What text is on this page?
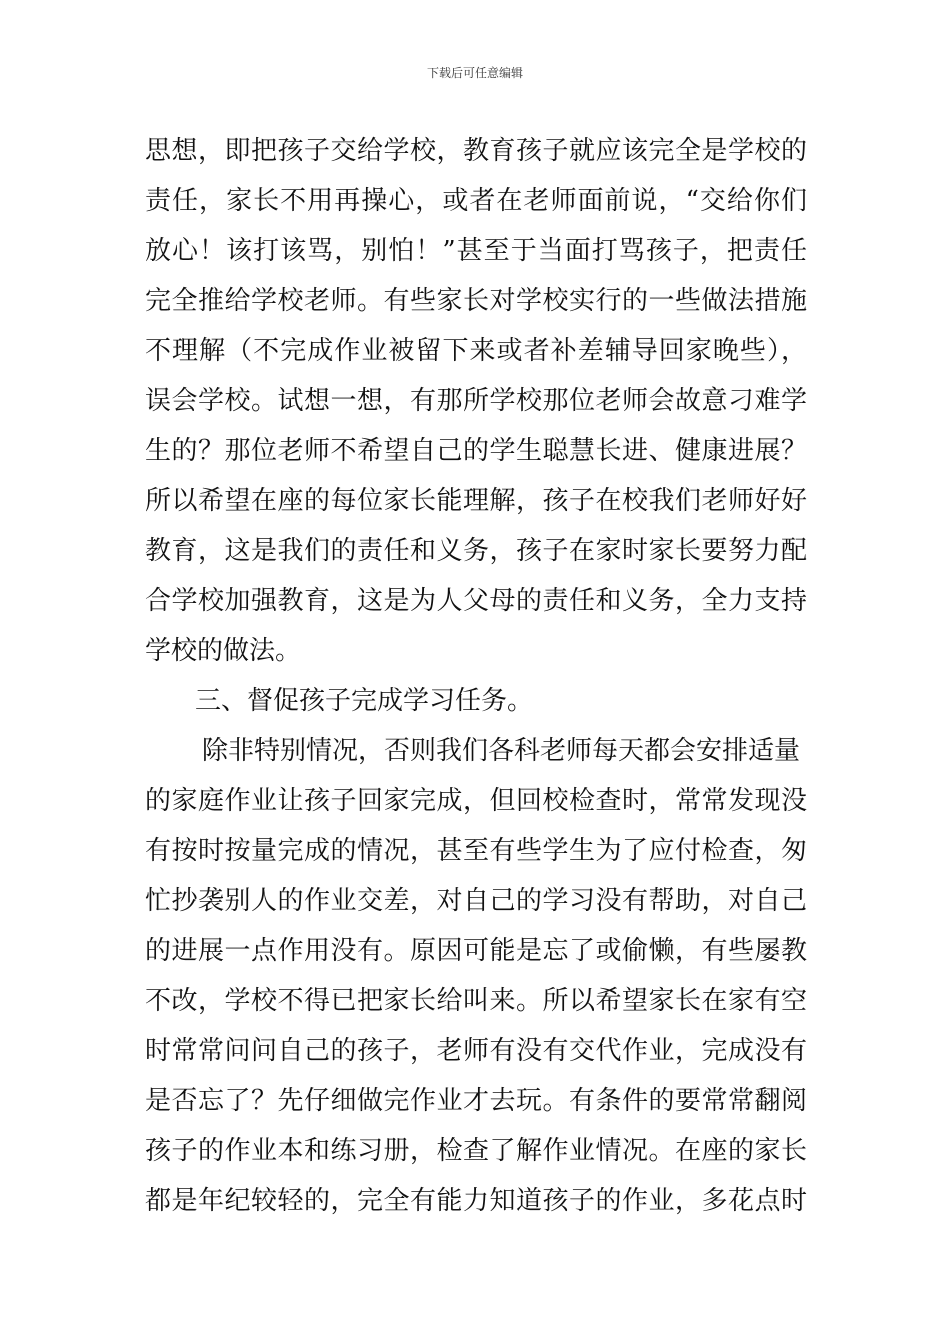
下载后可任意编辑
思想，即把孩子交给学校，教育孩子就应该完全是学校的
责任，家长不用再操心，或者在老师面前说，“交给你们
放心！该打该骂，别怕！”甚至于当面打骂孩子，把责任
完全推给学校老师。有些家长对学校实行的一些做法措施
不理解（不完成作业被留下来或者补差辅导回家晚些），
误会学校。试想一想，有那所学校那位老师会故意刁难学
生的？那位老师不希望自己的学生聪慧长进、健康进展？
所以希望在座的每位家长能理解，孩子在校我们老师好好
教育，这是我们的责任和义务，孩子在家时家长要努力配
合学校加强教育，这是为人父母的责任和义务，全力支持
学校的做法。
三、督促孩子完成学习任务。
除非特别情况，否则我们各科老师每天都会安排适量
的家庭作业让孩子回家完成，但回校检查时，常常发现没
有按时按量完成的情况，甚至有些学生为了应付检查，匆
忙抄袭别人的作业交差，对自己的学习没有帮助，对自己
的进展一点作用没有。原因可能是忘了或偷懒，有些屡教
不改，学校不得已把家长给叫来。所以希望家长在家有空
时常常问问自己的孩子，老师有没有交代作业，完成没有
是否忘了？先仔细做完作业才去玩。有条件的要常常翻阅
孩子的作业本和练习册，检查了解作业情况。在座的家长
都是年纪较轻的，完全有能力知道孩子的作业，多花点时
